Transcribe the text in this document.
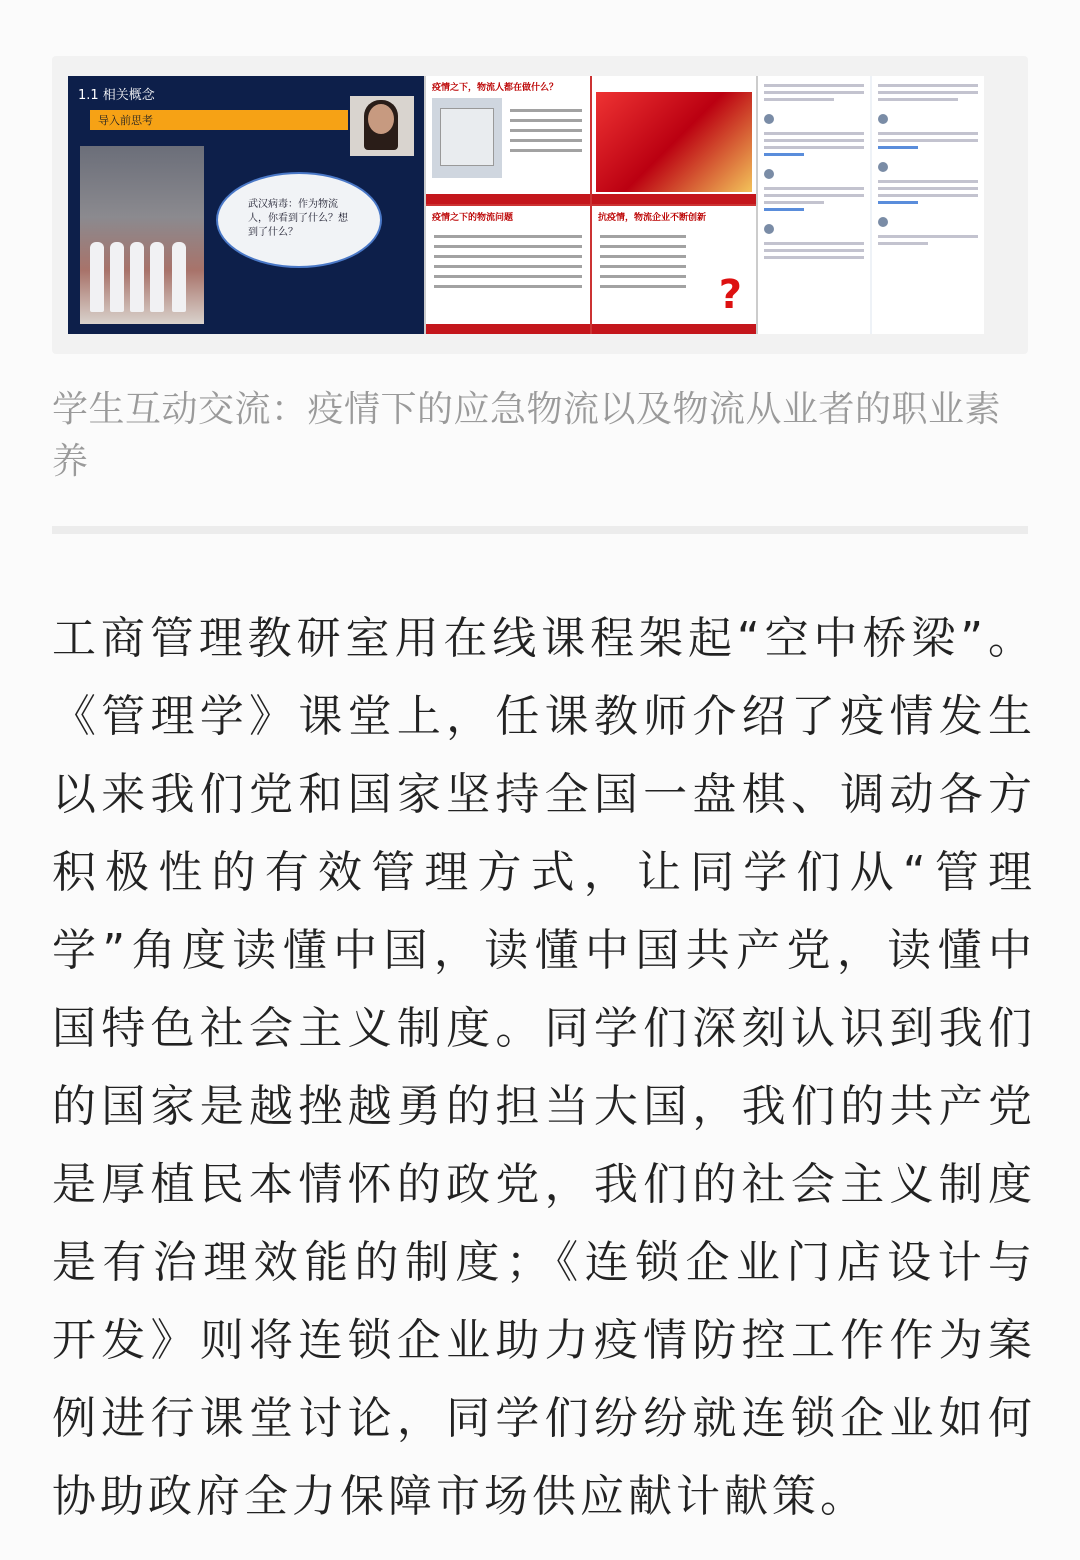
1.1 相关概念
导入前思考
武汉病毒：作为物流人，你看到了什么？想到了什么？
疫情之下，物流人都在做什么？
疫情之下的物流问题	抗疫情，物流企业不断创新
?
学生互动交流：疫情下的应急物流以及物流从业者的职业素养
工商管理教研室用在线课程架起“空中桥梁”。《管理学》课堂上，任课教师介绍了疫情发生以来我们党和国家坚持全国一盘棋、调动各方积极性的有效管理方式，让同学们从“管理学”角度读懂中国，读懂中国共产党，读懂中国特色社会主义制度。同学们深刻认识到我们的国家是越挫越勇的担当大国，我们的共产党是厚植民本情怀的政党，我们的社会主义制度是有治理效能的制度；《连锁企业门店设计与开发》则将连锁企业助力疫情防控工作作为案例进行课堂讨论，同学们纷纷就连锁企业如何协助政府全力保障市场供应献计献策。
